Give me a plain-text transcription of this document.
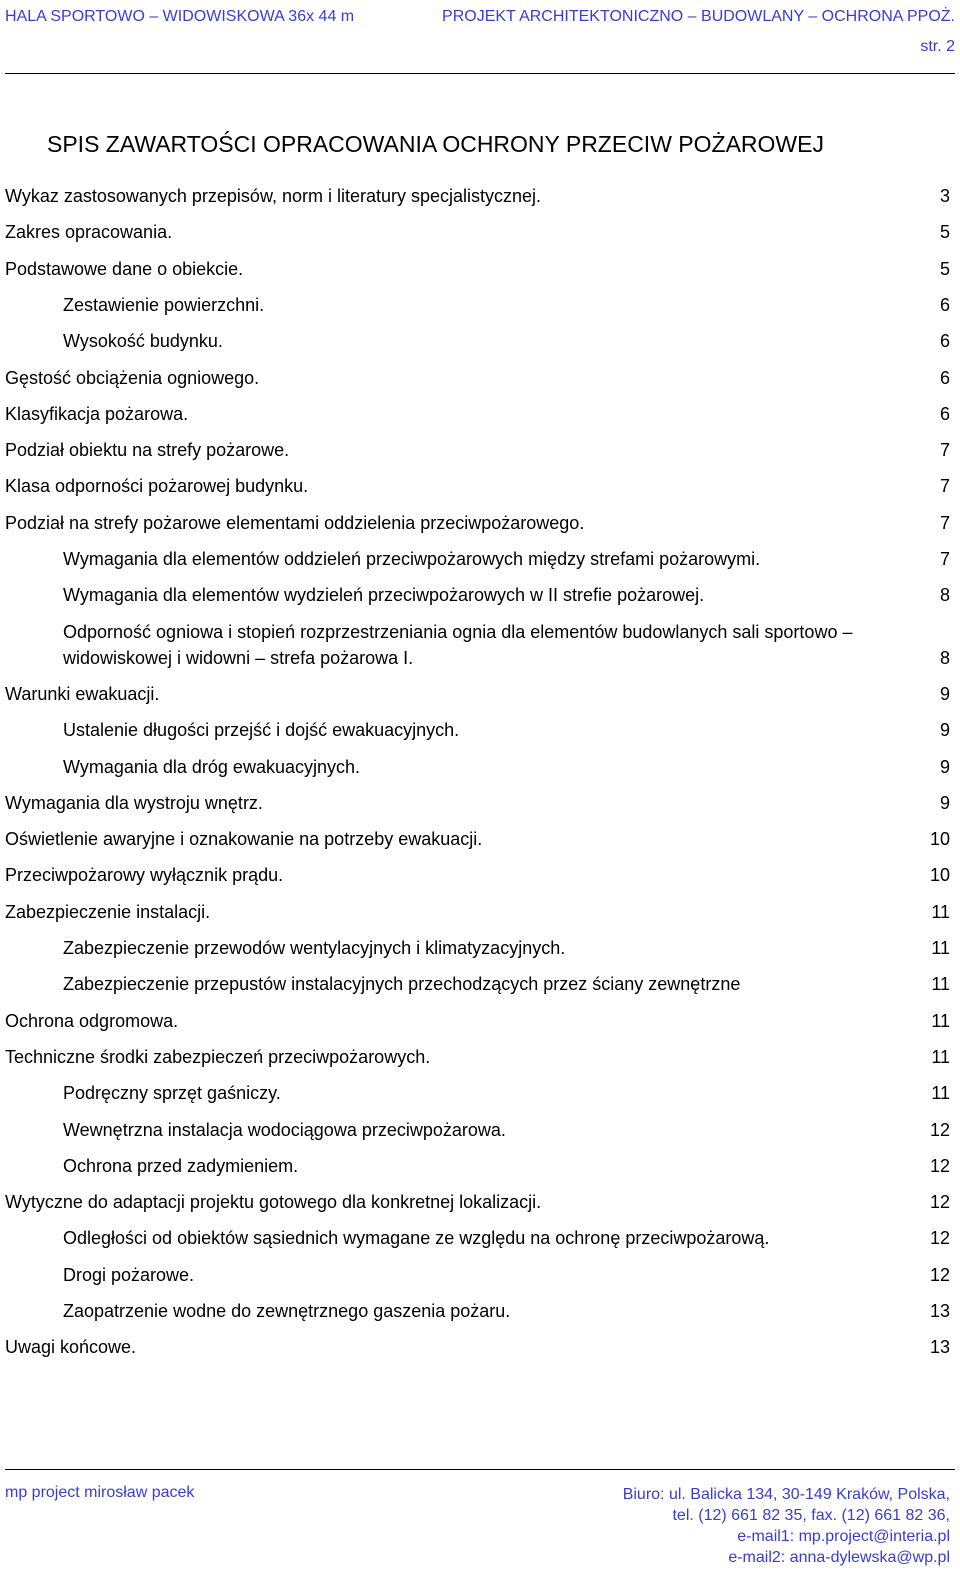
HALA SPORTOWO – WIDOWISKOWA 36x 44 m	PROJEKT ARCHITEKTONICZNO – BUDOWLANY – OCHRONA PPOŻ.
str. 2
SPIS ZAWARTOŚCI OPRACOWANIA OCHRONY PRZECIW POŻAROWEJ
Wykaz zastosowanych przepisów, norm i literatury specjalistycznej.	3
Zakres opracowania.	5
Podstawowe dane o obiekcie.	5
Zestawienie powierzchni.	6
Wysokość budynku.	6
Gęstość obciążenia ogniowego.	6
Klasyfikacja pożarowa.	6
Podział obiektu na strefy pożarowe.	7
Klasa odporności pożarowej budynku.	7
Podział na strefy pożarowe elementami oddzielenia przeciwpożarowego.	7
Wymagania dla elementów oddzieleń przeciwpożarowych między strefami pożarowymi.	7
Wymagania dla elementów wydzieleń przeciwpożarowych w II strefie pożarowej.	8
Odporność ogniowa i stopień rozprzestrzeniania ognia dla elementów budowlanych sali sportowo – widowiskowej i widowni – strefa pożarowa I.	8
Warunki ewakuacji.	9
Ustalenie długości przejść i dojść ewakuacyjnych.	9
Wymagania dla dróg ewakuacyjnych.	9
Wymagania dla wystroju wnętrz.	9
Oświetlenie awaryjne i oznakowanie na potrzeby ewakuacji.	10
Przeciwpożarowy wyłącznik prądu.	10
Zabezpieczenie instalacji.	11
Zabezpieczenie przewodów wentylacyjnych i klimatyzacyjnych.	11
Zabezpieczenie przepustów instalacyjnych przechodzących przez ściany zewnętrzne	11
Ochrona odgromowa.	11
Techniczne środki zabezpieczeń przeciwpożarowych.	11
Podręczny sprzęt gaśniczy.	11
Wewnętrzna instalacja wodociągowa przeciwpożarowa.	12
Ochrona przed zadymieniem.	12
Wytyczne do adaptacji projektu gotowego dla konkretnej lokalizacji.	12
Odległości od obiektów sąsiednich wymagane ze względu na ochronę przeciwpożarową.	12
Drogi pożarowe.	12
Zaopatrzenie wodne do zewnętrznego gaszenia pożaru.	13
Uwagi końcowe.	13
mp project mirosław pacek	Biuro: ul. Balicka 134, 30-149 Kraków, Polska,
tel. (12) 661 82 35, fax. (12) 661 82 36,
e-mail1: mp.project@interia.pl
e-mail2: anna-dylewska@wp.pl
